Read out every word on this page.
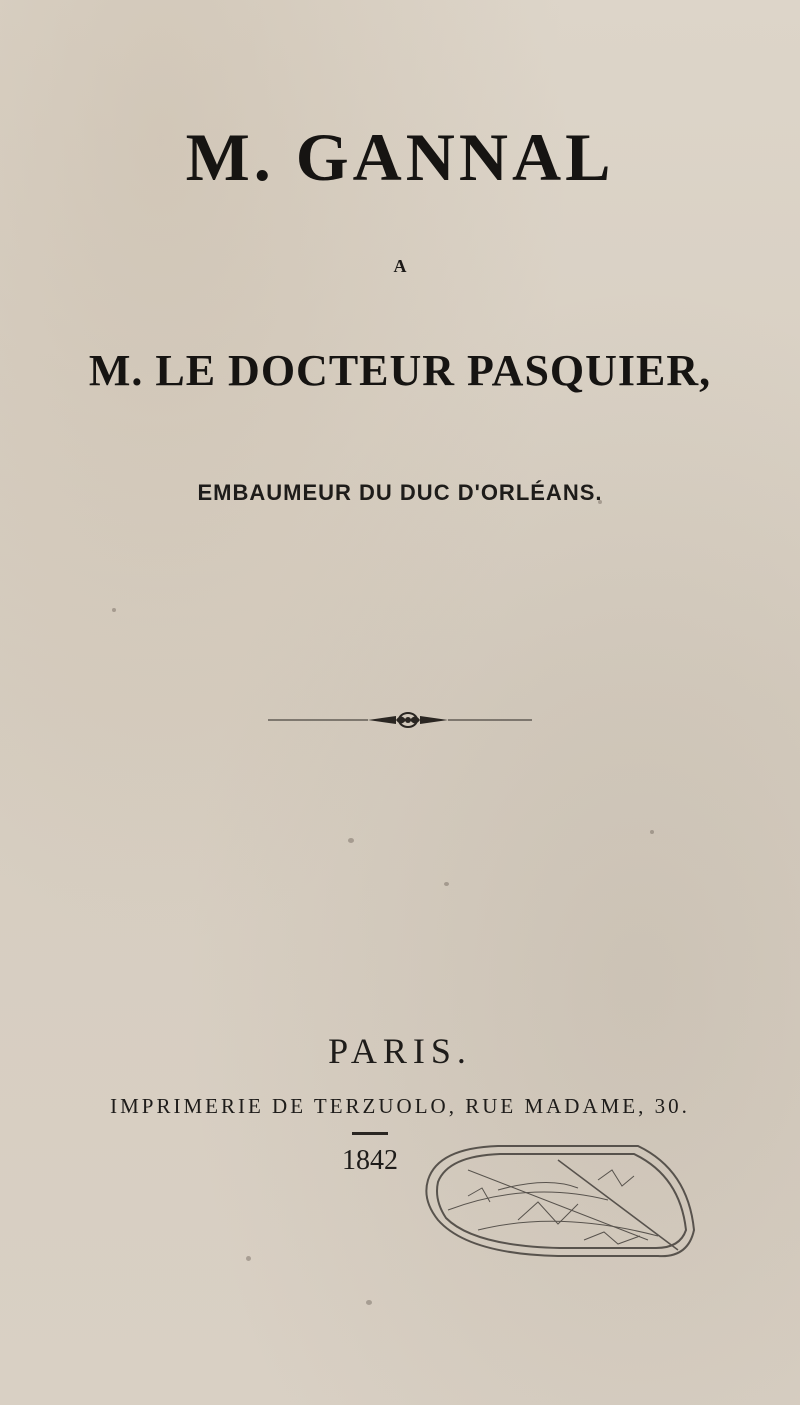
M. GANNAL
A
M. LE DOCTEUR PASQUIER,
EMBAUMEUR DU DUC D'ORLÉANS.
PARIS.
IMPRIMERIE DE TERZUOLO, RUE MADAME, 30.
1842
